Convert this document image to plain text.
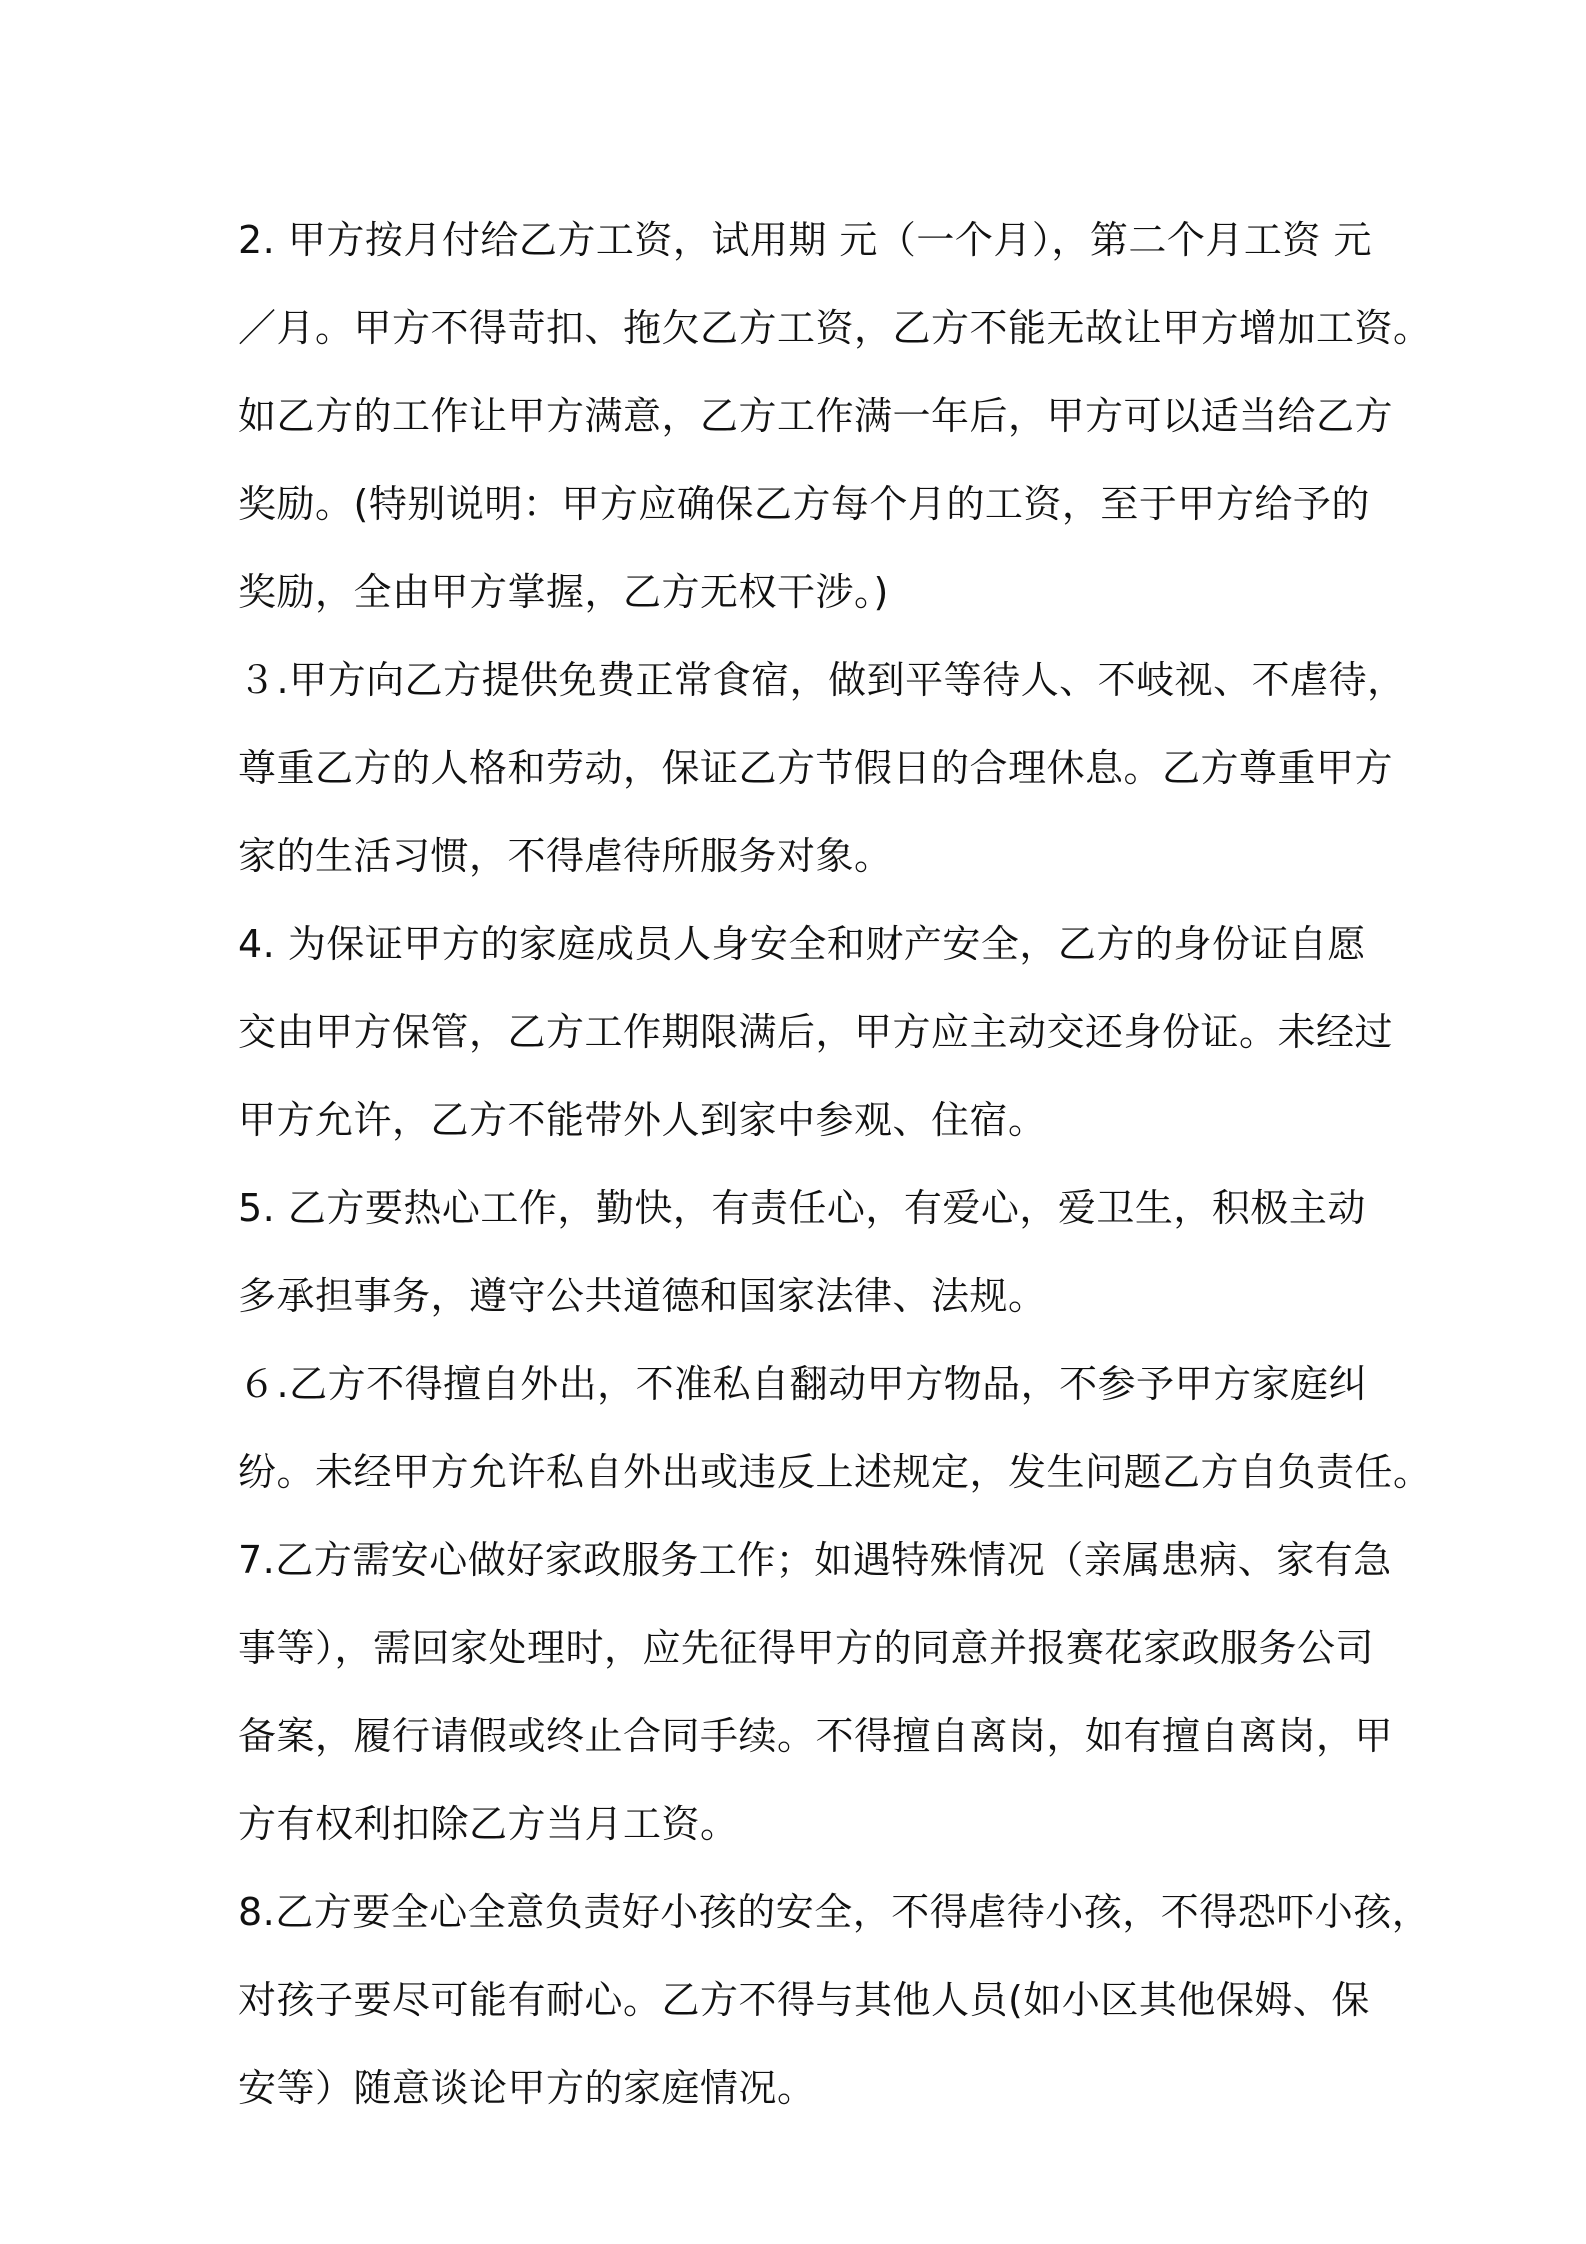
2. 甲方按月付给乙方工资，试用期 元（一个月），第二个月工资 元
／月。甲方不得苛扣、拖欠乙方工资，乙方不能无故让甲方增加工资。
如乙方的工作让甲方满意，乙方工作满一年后，甲方可以适当给乙方
奖励。(特别说明：甲方应确保乙方每个月的工资，至于甲方给予的
奖励，全由甲方掌握，乙方无权干涉。)
３.甲方向乙方提供免费正常食宿，做到平等待人、不岐视、不虐待，
尊重乙方的人格和劳动，保证乙方节假日的合理休息。乙方尊重甲方
家的生活习惯，不得虐待所服务对象。
4. 为保证甲方的家庭成员人身安全和财产安全，乙方的身份证自愿
交由甲方保管，乙方工作期限满后，甲方应主动交还身份证。未经过
甲方允许，乙方不能带外人到家中参观、住宿。
5. 乙方要热心工作，勤快，有责任心，有爱心，爱卫生，积极主动
多承担事务，遵守公共道德和国家法律、法规。
６.乙方不得擅自外出，不准私自翻动甲方物品，不参予甲方家庭纠
纷。未经甲方允许私自外出或违反上述规定，发生问题乙方自负责任。
7.乙方需安心做好家政服务工作；如遇特殊情况（亲属患病、家有急
事等），需回家处理时，应先征得甲方的同意并报赛花家政服务公司
备案，履行请假或终止合同手续。不得擅自离岗，如有擅自离岗，甲
方有权利扣除乙方当月工资。
8.乙方要全心全意负责好小孩的安全，不得虐待小孩，不得恐吓小孩，
对孩子要尽可能有耐心。乙方不得与其他人员(如小区其他保姆、保
安等）随意谈论甲方的家庭情况。
